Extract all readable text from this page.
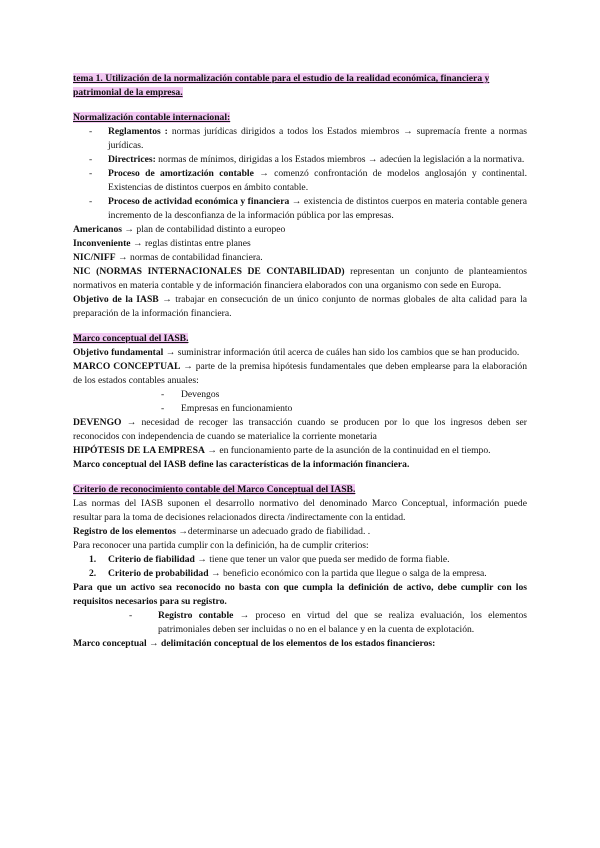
tema 1. Utilización de la normalización contable para el estudio de la realidad económica, financiera y patrimonial de la empresa.

Normalización contable internacional:

- Reglamentos : normas jurídicas dirigidos a todos los Estados miembros → supremacía frente a normas jurídicas.
- Directrices: normas de mínimos, dirigidas a los Estados miembros → adecúen la legislación a la normativa.
- Proceso de amortización contable → comenzó confrontación de modelos anglosajón y continental. Existencias de distintos cuerpos en ámbito contable.
- Proceso de actividad económica y financiera → existencia de distintos cuerpos en materia contable genera incremento de la desconfianza de la información pública por las empresas.

Americanos → plan de contabilidad distinto a europeo

Inconveniente → reglas distintas entre planes

NIC/NIFF → normas de contabilidad financiera.

NIC (NORMAS INTERNACIONALES DE CONTABILIDAD) representan un conjunto de planteamientos normativos en materia contable y de información financiera elaborados con una organismo con sede en Europa.

Objetivo de la IASB → trabajar en consecución de un único conjunto de normas globales de alta calidad para la preparación de la información financiera.

Marco conceptual del IASB.

Objetivo fundamental → suministrar información útil acerca de cuáles han sido los cambios que se han producido.

MARCO CONCEPTUAL → parte de la premisa hipótesis fundamentales que deben emplearse para la elaboración de los estados contables anuales:

- Devengos
- Empresas en funcionamiento

DEVENGO → necesidad de recoger las transacción cuando se producen por lo que los ingresos deben ser reconocidos con independencia de cuando se materialice la corriente monetaria

HIPÓTESIS DE LA EMPRESA → en funcionamiento parte de la asunción de la continuidad en el tiempo.

Marco conceptual del IASB define las características de la información financiera.

Criterio de reconocimiento contable del Marco Conceptual del IASB.

Las normas del IASB suponen el desarrollo normativo del denominado Marco Conceptual, información puede resultar para la toma de decisiones relacionados directa /indirectamente con la entidad.

Registro de los elementos →determinarse un adecuado grado de fiabilidad. .

Para reconocer una partida cumplir con la definición, ha de cumplir criterios:

1. Criterio de fiabilidad → tiene que tener un valor que pueda ser medido de forma fiable.
2. Criterio de probabilidad → beneficio económico con la partida que llegue o salga de la empresa.

Para que un activo sea reconocido no basta con que cumpla la definición de activo, debe cumplir con los requisitos necesarios para su registro.

-	Registro contable → proceso en virtud del que se realiza evaluación, los elementos patrimoniales deben ser incluidas o no en el balance y en la cuenta de explotación.

Marco conceptual → delimitación conceptual de los elementos de los estados financieros:
